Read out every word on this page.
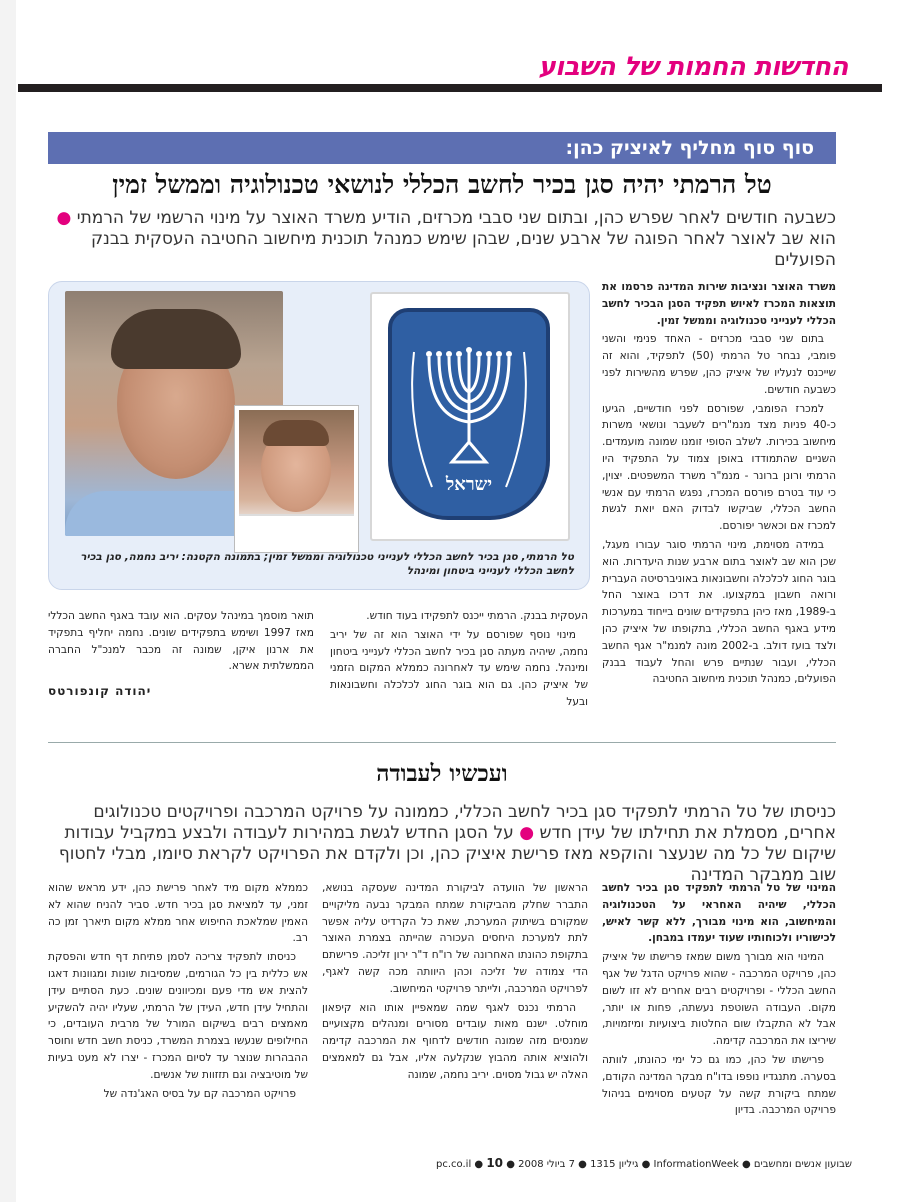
החדשות החמות של השבוע
סוף סוף מחליף לאיציק כהן:
טל הרמתי יהיה סגן בכיר לחשב הכללי לנושאי טכנולוגיה וממשל זמין
כשבעה חודשים לאחר שפרש כהן, ובתום שני סבבי מכרזים, הודיע משרד האוצר על מינוי הרשמי של הרמתי ● הוא שב לאוצר לאחר הפוגה של ארבע שנים, שבהן שימש כמנהל תוכנית מיחשוב החטיבה העסקית בבנק הפועלים
ישראל
טל הרמתי, סגן בכיר לחשב הכללי לענייני טכנולוגיה וממשל זמין; בתמונה הקטנה: יריב נחמה, סגן בכיר לחשב הכללי לענייני ביטחון ומינהל

משרד האוצר ונציבות שירות המדינה פרסמו את תוצאות המכרז לאיוש תפקיד הסגן הבכיר לחשב הכללי לענייני טכנולוגיה וממשל זמין.

בתום שני סבבי מכרזים - האחד פנימי והשני פומבי, נבחר טל הרמתי (50) לתפקיד, והוא זה שייכנס לנעליו של איציק כהן, שפרש מהשירות לפני כשבעה חודשים.

למכרז הפומבי, שפורסם לפני חודשיים, הגיעו כ-40 פניות מצד מנמ"רים לשעבר ונושאי משרות מיחשוב בכירות. לשלב הסופי זומנו שמונה מועמדים. השניים שהתמודדו באופן צמוד על התפקיד היו הרמתי ורונן ברונר - מנמ"ר משרד המשפטים. יצוין, כי עוד בטרם פורסם המכרז, נפגש הרמתי עם אנשי החשב הכללי, שביקשו לבדוק האם יואת לגשת למכרז אם וכאשר יפורסם.

במידה מסוימת, מינוי הרמתי סוגר עבורו מעגל, שכן הוא שב לאוצר בתום ארבע שנות היעדרות. הוא בוגר החוג לכלכלה וחשבונאות באוניברסיטה העברית ורואה חשבון במקצועו. את דרכו באוצר החל ב-1989, מאז כיהן בתפקידים שונים בייחוד במערכות מידע באגף החשב הכללי, בתקופתו של איציק כהן ולצד בועז דולב. ב-2002 מונה למנמ"ר אגף החשב הכללי, ועבור שנתיים פרש והחל לעבוד בבנק הפועלים, כמנהל תוכנית מיחשוב החטיבה

העסקית בבנק. הרמתי ייכנס לתפקידו בעוד חודש.

מינוי נוסף שפורסם על ידי האוצר הוא זה של יריב נחמה, שיהיה מעתה סגן בכיר לחשב הכללי לענייני ביטחון ומינהל. נחמה שימש עד לאחרונה כממלא המקום הזמני של איציק כהן. גם הוא בוגר החוג לכלכלה וחשבונאות ובעל

תואר מוסמך במינהל עסקים. הוא עובד באגף החשב הכללי מאז 1997 ושימש בתפקידים שונים. נחמה יחליף בתפקיד את ארנון איקן, שמונה זה מכבר למנכ"ל החברה הממשלתית אשרא.

יהודה קונפורטס
ועכשיו לעבודה
כניסתו של טל הרמתי לתפקיד סגן בכיר לחשב הכללי, כממונה על פרויקט המרכבה ופרויקטים טכנולוגים אחרים, מסמלת את תחילתו של עידן חדש ● על הסגן החדש לגשת במהירות לעבודה ולבצע במקביל עבודות שיקום של כל מה שנעצר והוקפא מאז פרישת איציק כהן, וכן ולקדם את הפרויקט לקראת סיומו, מבלי לחטוף שוב ממבקר המדינה

המינוי של טל הרמתי לתפקיד סגן בכיר לחשב הכללי, שיהיה האחראי על הטכנולוגיה והמיחשוב, הוא מינוי מבורך, ללא קשר לאיש, לכישוריו ולכוחותיו שעוד יעמדו במבחן.

המינוי הוא מבורך משום שמאז פרישתו של איציק כהן, פרויקט המרכבה - שהוא פרויקט הדגל של אגף החשב הכללי - ופרויקטים רבים אחרים לא זזו לשום מקום. העבודה השוטפת נעשתה, פחות או יותר, אבל לא התקבלו שום החלטות ביצועיות ומיזמויות, שיריצו את המרכבה קדימה.

פרישתו של כהן, כמו גם כל ימי כהונתו, לוותה בסערה. מתנגדיו נופפו בדו"ח מבקר המדינה הקודם, שמתח ביקורת קשה על קטעים מסוימים בניהול פרויקט המרכבה. בדיון

הראשון של הוועדה לביקורת המדינה שעסקה בנושא, התברר שחלק מהביקורת שמתח המבקר נבעה מליקויים שמקורם בשיתוק המערכת, שאת כל הקרדיט עליה אפשר לתת למערכת היחסים העכורה שהייתה בצמרת האוצר בתקופת כהונתו האחרונה של רו"ח ד"ר ירון זליכה. פרישתם הדי צמודה של זליכה וכהן היוותה מכה קשה לאגף, לפרויקט המרכבה, ולייתר פרויקטי המיחשוב.

הרמתי נכנס לאגף שמה שמאפיין אותו הוא קיפאון מוחלט. ישנם מאות עובדים מסורים ומנהלים מקצועיים שמנסים מזה שמונה חודשים לדחוף את המרכבה קדימה ולהוציא אותה מהבוץ שנקלעה אליו, אבל גם למאמצים האלה יש גבול מסוים. יריב נחמה, שמונה

כממלא מקום מיד לאחר פרישת כהן, ידע מראש שהוא זמני, עד למציאת סגן בכיר חדש. סביר להניח שהוא לא האמין שמלאכת החיפוש אחר ממלא מקום תיארך זמן כה רב.

כניסתו לתפקיד צריכה לסמן פתיחת דף חדש והפסקת אש כללית בין כל הגורמים, שמסיבות שונות ומגוונות דאגו להצית אש מדי פעם ומכיוונים שונים. כעת הסתיים עידן והתחיל עידן חדש, העידן של הרמתי, שעליו יהיה להשקיע מאמצים רבים בשיקום המורל של מרבית העובדים, כי החילופים שנעשו בצמרת המשרד, כניסת חשב חדש וחוסר ההבהרות שנוצר עד לסיום המכרז - יצרו לא מעט בעיות של מוטיבציה וגם תזזוות של אנשים.

פרויקט המרכבה קם על בסיס האג'נדה של

שבועון אנשים ומחשבים ● InformationWeek ● גיליון 1315 ● 7 ביולי 2008 ● pc.co.il ● 10
